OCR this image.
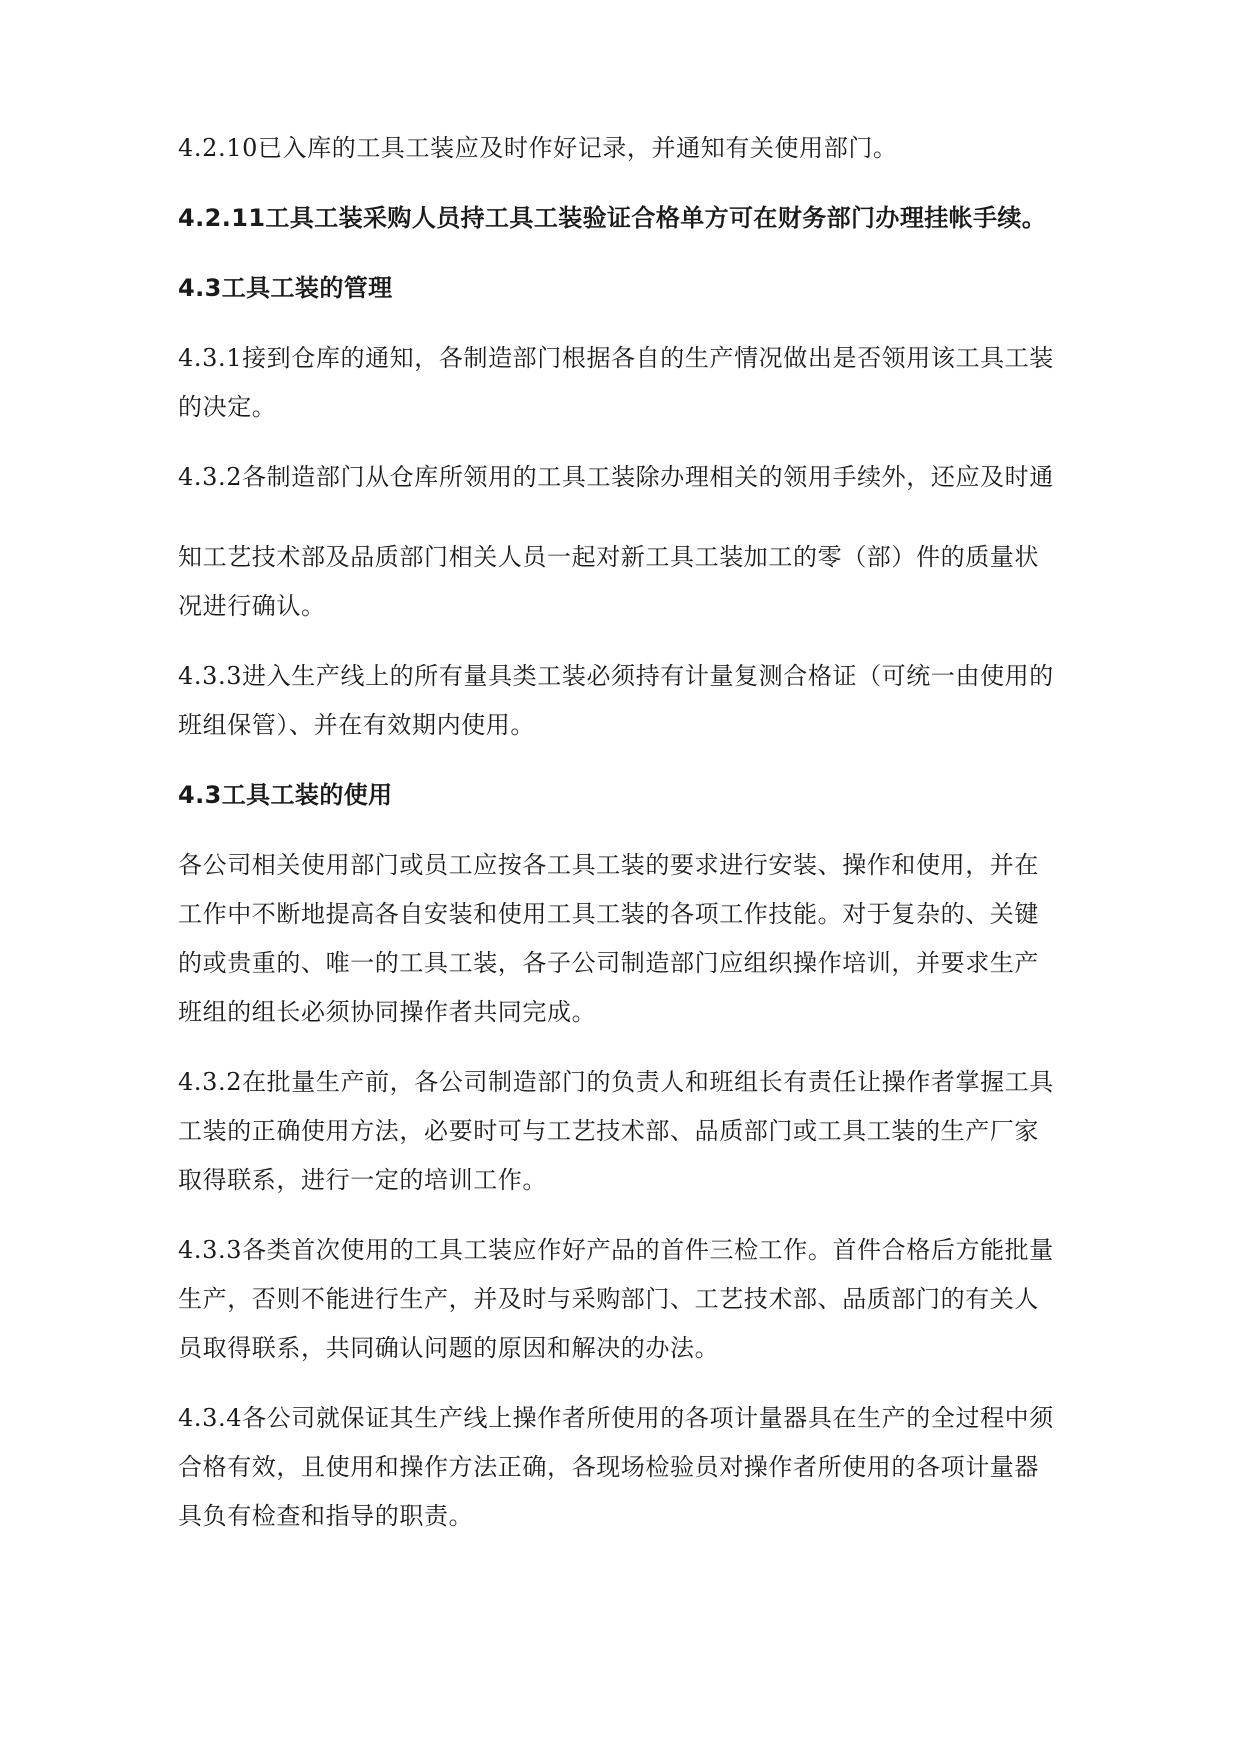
4.2.10已入库的工具工装应及时作好记录，并通知有关使用部门。

4.2.11工具工装采购人员持工具工装验证合格单方可在财务部门办理挂帐手续。

4.3工具工装的管理

4.3.1接到仓库的通知，各制造部门根据各自的生产情况做出是否领用该工具工装
的决定。

4.3.2各制造部门从仓库所领用的工具工装除办理相关的领用手续外，还应及时通

知工艺技术部及品质部门相关人员一起对新工具工装加工的零（部）件的质量状
况进行确认。

4.3.3进入生产线上的所有量具类工装必须持有计量复测合格证（可统一由使用的
班组保管）、并在有效期内使用。

4.3工具工装的使用

各公司相关使用部门或员工应按各工具工装的要求进行安装、操作和使用，并在
工作中不断地提高各自安装和使用工具工装的各项工作技能。对于复杂的、关键
的或贵重的、唯一的工具工装，各子公司制造部门应组织操作培训，并要求生产
班组的组长必须协同操作者共同完成。

4.3.2在批量生产前，各公司制造部门的负责人和班组长有责任让操作者掌握工具
工装的正确使用方法，必要时可与工艺技术部、品质部门或工具工装的生产厂家
取得联系，进行一定的培训工作。

4.3.3各类首次使用的工具工装应作好产品的首件三检工作。首件合格后方能批量
生产，否则不能进行生产，并及时与采购部门、工艺技术部、品质部门的有关人
员取得联系，共同确认问题的原因和解决的办法。

4.3.4各公司就保证其生产线上操作者所使用的各项计量器具在生产的全过程中须
合格有效，且使用和操作方法正确，各现场检验员对操作者所使用的各项计量器
具负有检查和指导的职责。
